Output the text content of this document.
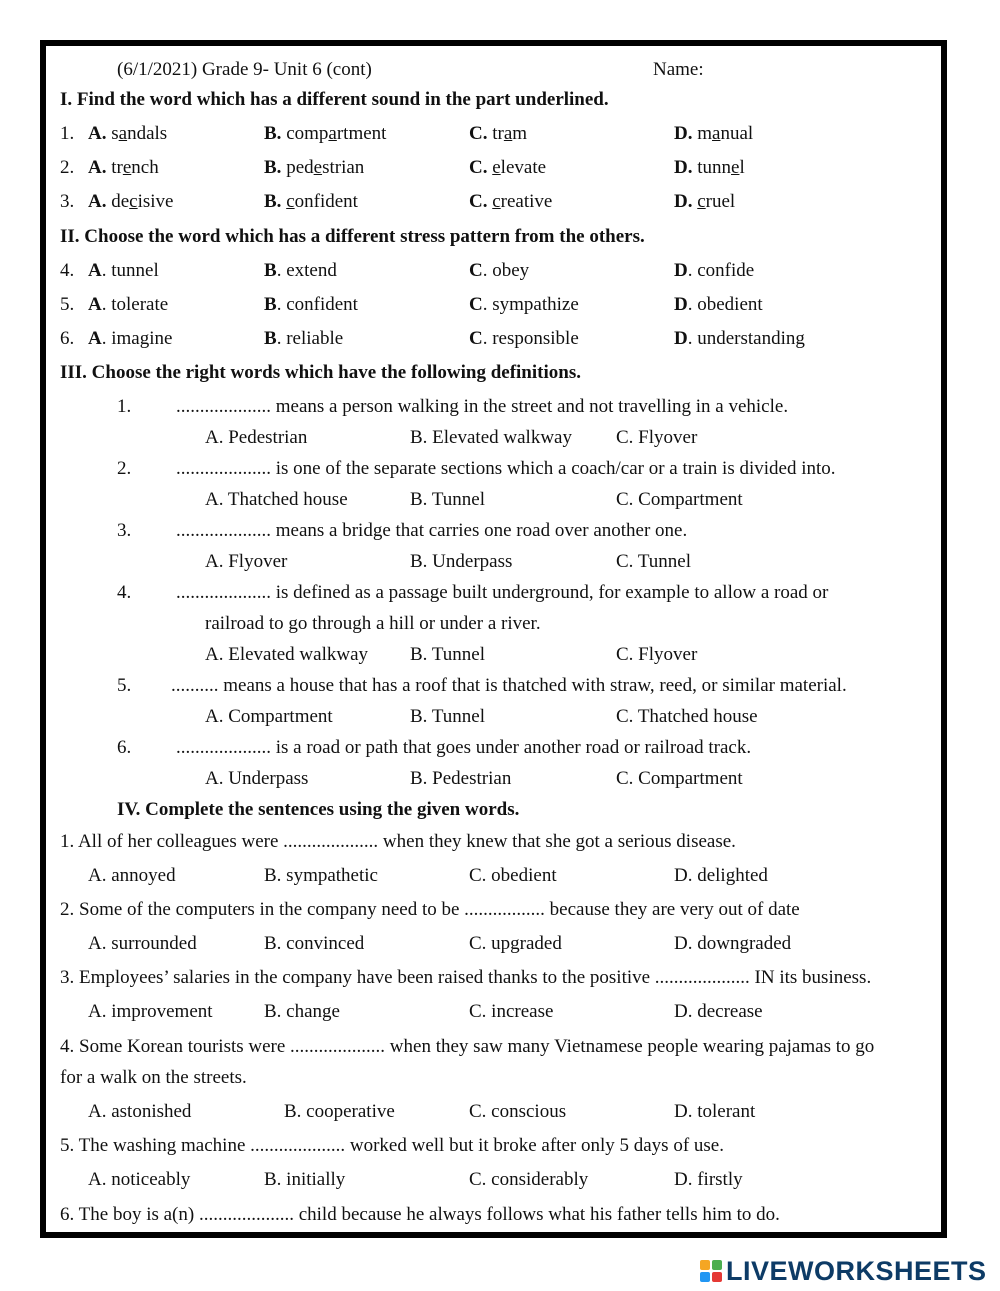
(6/1/2021) Grade 9- Unit 6 (cont)	Name:
I. Find the word which has a different sound in the part underlined.
1. A. sandals	B. compartment	C. tram	D. manual
2. A. trench	B. pedestrian	C. elevate	D. tunnel
3. A. decisive	B. confident	C. creative	D. cruel
II. Choose the word which has a different stress pattern from the others.
4. A. tunnel	B. extend	C. obey	D. confide
5. A. tolerate	B. confident	C. sympathize	D. obedient
6. A. imagine	B. reliable	C. responsible	D. understanding
III. Choose the right words which have the following definitions.
1. .................... means a person walking in the street and not travelling in a vehicle.
A. Pedestrian	B. Elevated walkway C. Flyover
2. .................... is one of the separate sections which a coach/car or a train is divided into.
A. Thatched house	B. Tunnel	C. Compartment
3. .................... means a bridge that carries one road over another one.
A. Flyover	B. Underpass	C. Tunnel
4. .................... is defined as a passage built underground, for example to allow a road or
railroad to go through a hill or under a river.
A. Elevated walkway B. Tunnel	C. Flyover
5. .......... means a house that has a roof that is thatched with straw, reed, or similar material.
A. Compartment	B. Tunnel	C. Thatched house
6. .................... is a road or path that goes under another road or railroad track.
A. Underpass	B. Pedestrian	C. Compartment
IV. Complete the sentences using the given words.
1. All of her colleagues were .................... when they knew that she got a serious disease.
A. annoyed	B. sympathetic	C. obedient	D. delighted
2. Some of the computers in the company need to be ................. because they are very out of date
A. surrounded	B. convinced	C. upgraded	D. downgraded
3. Employees’ salaries in the company have been raised thanks to the positive .................... IN its business.
A. improvement	B. change	C. increase	D. decrease
4. Some Korean tourists were .................... when they saw many Vietnamese people wearing pajamas to go
for a walk on the streets.
A. astonished	B. cooperative	C. conscious	D. tolerant
5. The washing machine .................... worked well but it broke after only 5 days of use.
A. noticeably	B. initially	C. considerably	D. firstly
6. The boy is a(n) .................... child because he always follows what his father tells him to do.
LIVEWORKSHEETS
